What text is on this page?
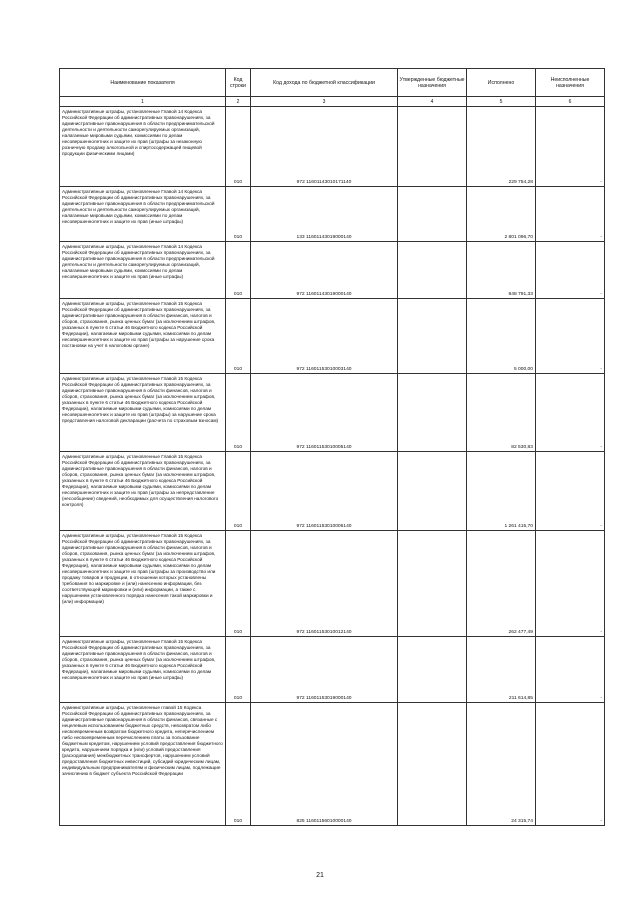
Наименование показателя	Код строки	Код дохода по бюджетной классификации	Утвержденные бюджетные назначения	Исполнено	Неисполненные назначения
1	2	3	4	5	6
Административные штрафы, установленные Главой 14 Кодекса Российской Федерации об административных правонарушениях, за административные правонарушения в области предпринимательской деятельности и деятельности саморегулируемых организаций, налагаемые мировыми судьями, комиссиями по делам несовершеннолетних и защите их прав (штрафы за незаконную розничную продажу алкогольной и спиртосодержащей пищевой продукции физическими лицами)	010	972 11601143010171140		229 754,28	-
Административные штрафы, установленные Главой 14 Кодекса Российской Федерации об административных правонарушениях, за административные правонарушения в области предпринимательской деятельности и деятельности саморегулируемых организаций, налагаемые мировыми судьями, комиссиями по делам несовершеннолетних и защите их прав (иные штрафы)	010	133 11601143019000140		2 801 096,70	-
Административные штрафы, установленные Главой 14 Кодекса Российской Федерации об административных правонарушениях, за административные правонарушения в области предпринимательской деятельности и деятельности саморегулируемых организаций, налагаемые мировыми судьями, комиссиями по делам несовершеннолетних и защите их прав (иные штрафы)	010	972 11601143019000140		848 791,33	-
Административные штрафы, установленные Главой 15 Кодекса Российской Федерации об административных правонарушениях, за административные правонарушения в области финансов, налогов и сборов, страхования, рынка ценных бумаг (за исключением штрафов, указанных в пункте 6 статьи 46 Бюджетного кодекса Российской Федерации), налагаемые мировыми судьями, комиссиями по делам несовершеннолетних и защите их прав (штрафы за нарушение срока постановки на учет в налоговом органе)	010	972 11601153010003140		5 000,00	-
Административные штрафы, установленные Главой 15 Кодекса Российской Федерации об административных правонарушениях, за административные правонарушения в области финансов, налогов и сборов, страхования, рынка ценных бумаг (за исключением штрафов, указанных в пункте 6 статьи 46 Бюджетного кодекса Российской Федерации), налагаемые мировыми судьями, комиссиями по делам несовершеннолетних и защите их прав (штрафы) за нарушение срока представления налоговой декларации (расчета по страховым взносам)	010	972 11601153010005140		82 530,83	-
Административные штрафы, установленные Главой 15 Кодекса Российской Федерации об административных правонарушениях, за административные правонарушения в области финансов, налогов и сборов, страхования, рынка ценных бумаг (за исключением штрафов, указанных в пункте 6 статьи 46 Бюджетного кодекса Российской Федерации), налагаемые мировыми судьями, комиссиями по делам несовершеннолетних и защите их прав (штрафы за непредставление (несообщение) сведений, необходимых для осуществления налогового контроля)	010	972 11601153010006140		1 261 415,70	-
Административные штрафы, установленные Главой 15 Кодекса Российской Федерации об административных правонарушениях, за административные правонарушения в области финансов, налогов и сборов, страхования, рынка ценных бумаг (за исключением штрафов, указанных в пункте 6 статьи 46 Бюджетного кодекса Российской Федерации), налагаемые мировыми судьями, комиссиями по делам несовершеннолетних и защите их прав (штрафы за производство или продажу товаров и продукции, в отношении которых установлены требования по маркировке и (или) нанесению информации, без соответствующей маркировки и (или) информации, а также с нарушением установленного порядка нанесения такой маркировки и (или) информации)	010	972 11601153010012140		262 477,49	-
Административные штрафы, установленные Главой 15 Кодекса Российской Федерации об административных правонарушениях, за административные правонарушения в области финансов, налогов и сборов, страхования, рынка ценных бумаг (за исключением штрафов, указанных в пункте 6 статьи 46 Бюджетного кодекса Российской Федерации), налагаемые мировыми судьями, комиссиями по делам несовершеннолетних и защите их прав (иные штрафы)	010	972 11601153019000140		211 614,85	-
Административные штрафы, установленные главой 15 Кодекса Российской Федерации об административных правонарушениях, за административные правонарушения в области финансов, связанные с нецелевым использованием бюджетных средств, невозвратом либо несвоевременным возвратом бюджетного кредита, неперечислением либо несвоевременным перечислением платы за пользование бюджетным кредитом, нарушением условий предоставления бюджетного кредита, нарушением порядка и (или) условий предоставления (расходования) межбюджетных трансфертов, нарушением условий предоставления бюджетных инвестиций, субсидий юридическим лицам, индивидуальным предпринимателям и физическим лицам, подлежащие зачислению в бюджет субъекта Российской Федерации	010	825 11601156010000140		24 315,74	-
21
